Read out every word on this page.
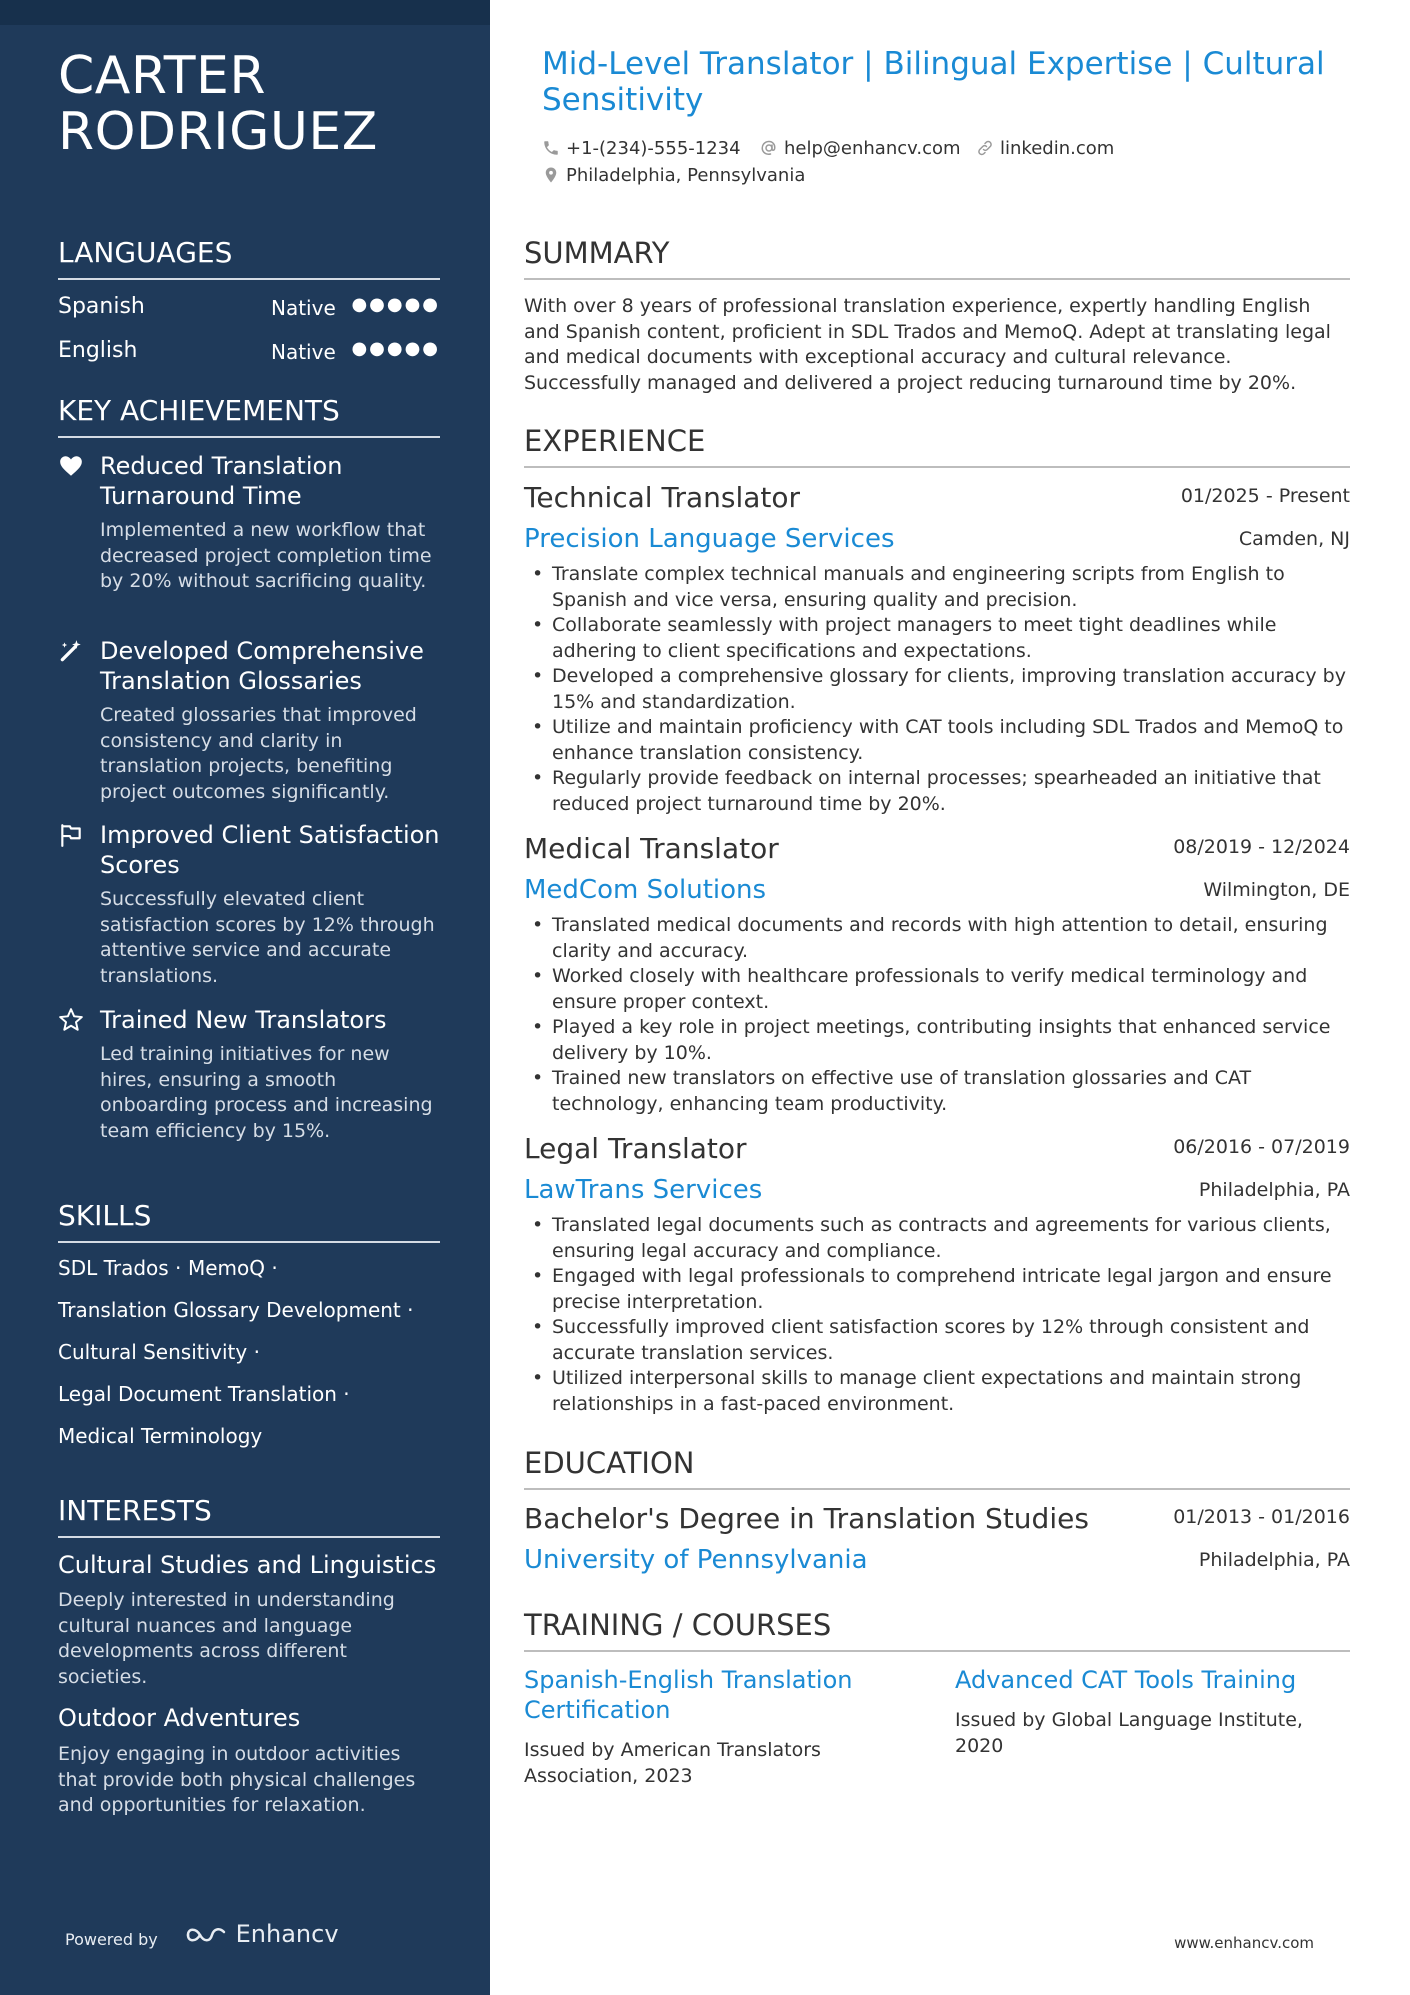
CARTER RODRIGUEZ
LANGUAGES
Spanish	Native ●●●●●
English	Native ●●●●●
KEY ACHIEVEMENTS
Reduced Translation Turnaround Time
Implemented a new workflow that decreased project completion time by 20% without sacrificing quality.
Developed Comprehensive Translation Glossaries
Created glossaries that improved consistency and clarity in translation projects, benefiting project outcomes significantly.
Improved Client Satisfaction Scores
Successfully elevated client satisfaction scores by 12% through attentive service and accurate translations.
Trained New Translators
Led training initiatives for new hires, ensuring a smooth onboarding process and increasing team efficiency by 15%.
SKILLS
SDL Trados · MemoQ ·
Translation Glossary Development ·
Cultural Sensitivity ·
Legal Document Translation ·
Medical Terminology
INTERESTS
Cultural Studies and Linguistics
Deeply interested in understanding cultural nuances and language developments across different societies.
Outdoor Adventures
Enjoy engaging in outdoor activities that provide both physical challenges and opportunities for relaxation.
Powered by	Enhancv
Mid-Level Translator | Bilingual Expertise | Cultural Sensitivity
+1-(234)-555-1234	help@enhancv.com	linkedin.com
Philadelphia, Pennsylvania
SUMMARY
With over 8 years of professional translation experience, expertly handling English and Spanish content, proficient in SDL Trados and MemoQ. Adept at translating legal and medical documents with exceptional accuracy and cultural relevance. Successfully managed and delivered a project reducing turnaround time by 20%.
EXPERIENCE
Technical Translator	01/2025 - Present
Precision Language Services	Camden, NJ
• Translate complex technical manuals and engineering scripts from English to Spanish and vice versa, ensuring quality and precision.
• Collaborate seamlessly with project managers to meet tight deadlines while adhering to client specifications and expectations.
• Developed a comprehensive glossary for clients, improving translation accuracy by 15% and standardization.
• Utilize and maintain proficiency with CAT tools including SDL Trados and MemoQ to enhance translation consistency.
• Regularly provide feedback on internal processes; spearheaded an initiative that reduced project turnaround time by 20%.
Medical Translator	08/2019 - 12/2024
MedCom Solutions	Wilmington, DE
• Translated medical documents and records with high attention to detail, ensuring clarity and accuracy.
• Worked closely with healthcare professionals to verify medical terminology and ensure proper context.
• Played a key role in project meetings, contributing insights that enhanced service delivery by 10%.
• Trained new translators on effective use of translation glossaries and CAT technology, enhancing team productivity.
Legal Translator	06/2016 - 07/2019
LawTrans Services	Philadelphia, PA
• Translated legal documents such as contracts and agreements for various clients, ensuring legal accuracy and compliance.
• Engaged with legal professionals to comprehend intricate legal jargon and ensure precise interpretation.
• Successfully improved client satisfaction scores by 12% through consistent and accurate translation services.
• Utilized interpersonal skills to manage client expectations and maintain strong relationships in a fast-paced environment.
EDUCATION
Bachelor's Degree in Translation Studies	01/2013 - 01/2016
University of Pennsylvania	Philadelphia, PA
TRAINING / COURSES
Spanish-English Translation Certification
Issued by American Translators Association, 2023
Advanced CAT Tools Training
Issued by Global Language Institute, 2020
www.enhancv.com
